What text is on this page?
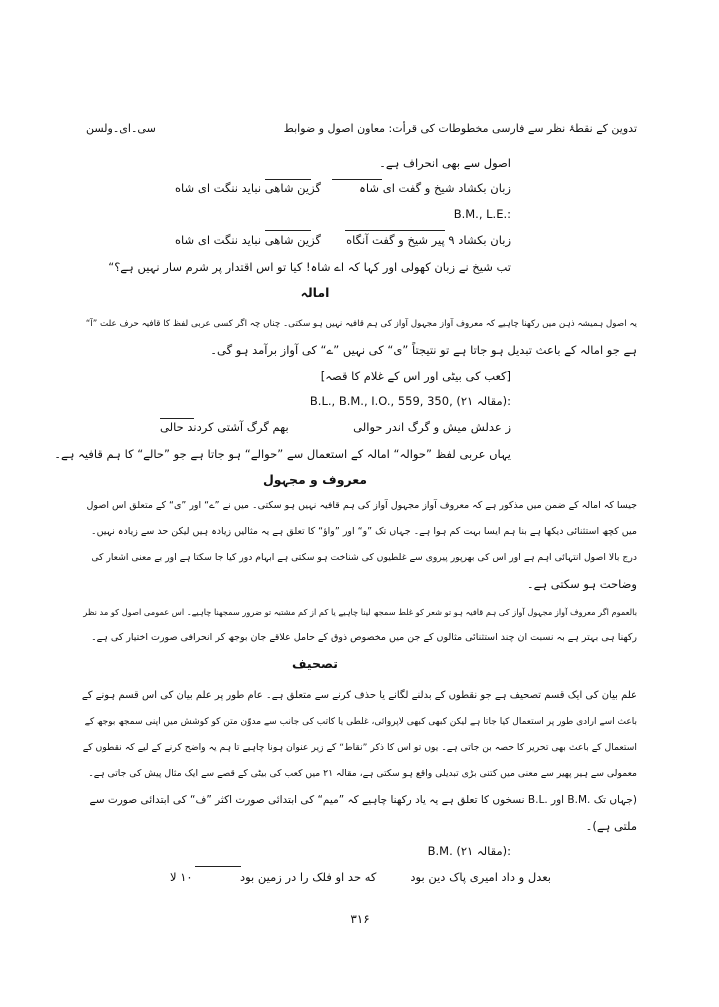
سی۔ای۔ولسن	تدوین کے نقطۂ نظر سے فارسی مخطوطات کی قرأت: معاون اصول و ضوابط
اصول سے بھی انحراف ہے۔
زبان بکشاد شیخ و گفت ای شاہ
گزین شاهی نباید ننگت ای شاه
B.M., L.E.:
زبان بکشاد ۹ پیر شیخ و گفت آنگاه
گزین شاهی نباید ننگت ای شاه
تب شیخ نے زبان کھولی اور کہا کہ اے شاہ! کیا تو اس اقتدار پر شرم سار نہیں ہے؟“
امالہ
یہ اصول ہمیشہ ذہن میں رکھنا چاہیے کہ معروف آواز مجہول آواز کی ہم قافیہ نہیں ہو سکتی۔ چناں چہ اگر کسی عربی لفظ کا قافیہ حرف علت ”آ“
ہے جو امالہ کے باعث تبدیل ہو جاتا ہے تو نتیجتاً ”ی“ کی نہیں ”ے“ کی آواز برآمد ہو گی۔
[کعب کی بیٹی اور اس کے غلام کا قصہ]
B.L., B.M., I.O., 559, 350, (مقالہ ۲۱):
ز عدلش میش و گرگ اندر حوالی
بهم گرگ آشتی کردند حالی
یہاں عربی لفظ ”حوالہ“ امالہ کے استعمال سے ”حوالے“ ہو جاتا ہے جو ”حالے“ کا ہم قافیہ ہے۔
معروف و مجہول
جیسا کہ امالہ کے ضمن میں مذکور ہے کہ معروف آواز مجہول آواز کی ہم قافیہ نہیں ہو سکتی۔ میں نے ”ے“ اور ”ی“ کے متعلق اس اصول
میں کچھ استثنائی دیکھا ہے بنا ہم ایسا بہت کم ہوا ہے۔ جہاں تک ”و“ اور ”واؤ“ کا تعلق ہے یہ مثالیں زیادہ ہیں لیکن حد سے زیادہ نہیں۔
درج بالا اصول انتہائی اہم ہے اور اس کی بھرپور پیروی سے غلطیوں کی شناخت ہو سکتی ہے ابہام دور کیا جا سکتا ہے اور بے معنی اشعار کی
وضاحت ہو سکتی ہے۔
بالعموم اگر معروف آواز مجہول آواز کی ہم قافیہ ہو تو شعر کو غلط سمجھ لینا چاہیے یا کم از کم مشتبہ تو ضرور سمجھنا چاہیے۔ اس عمومی اصول کو مد نظر
رکھنا ہی بہتر ہے بہ نسبت ان چند استثنائی مثالوں کے جن میں مخصوص ذوق کے حامل علاقے جان بوجھ کر انحرافی صورت اختیار کی ہے۔
تصحیف
علم بیان کی ایک قسم تصحیف ہے جو نقطوں کے بدلنے لگانے یا حذف کرنے سے متعلق ہے۔ عام طور پر علم بیان کی اس قسم ہونے کے
باعث اسے ارادی طور پر استعمال کیا جاتا ہے لیکن کبھی کبھی لاپروائی، غلطی یا کاتب کی جانب سے مدوّن متن کو کوشش میں اپنی سمجھ بوجھ کے
استعمال کے باعث بھی تحریر کا حصہ بن جاتی ہے۔ یوں تو اس کا ذکر ”نقاط“ کے زیر عنوان ہونا چاہیے تا ہم یہ واضح کرنے کے لیے کہ نقطوں کے
معمولی سے ہیر پھیر سے معنی میں کتنی بڑی تبدیلی واقع ہو سکتی ہے، مقالہ ۲۱ میں کعب کی بیٹی کے قصے سے ایک مثال پیش کی جاتی ہے۔
(جہاں تک .B.M اور .B.L نسخوں کا تعلق ہے یہ یاد رکھنا چاہیے کہ ”میم“ کی ابتدائی صورت اکثر ”ف“ کی ابتدائی صورت سے
ملتی ہے)۔
B.M. (مقالہ ۲۱):
بعدل و داد امیری پاک دین بود
که حد او فلک را در زمین بود
۱۰ لا
۳۱۶
